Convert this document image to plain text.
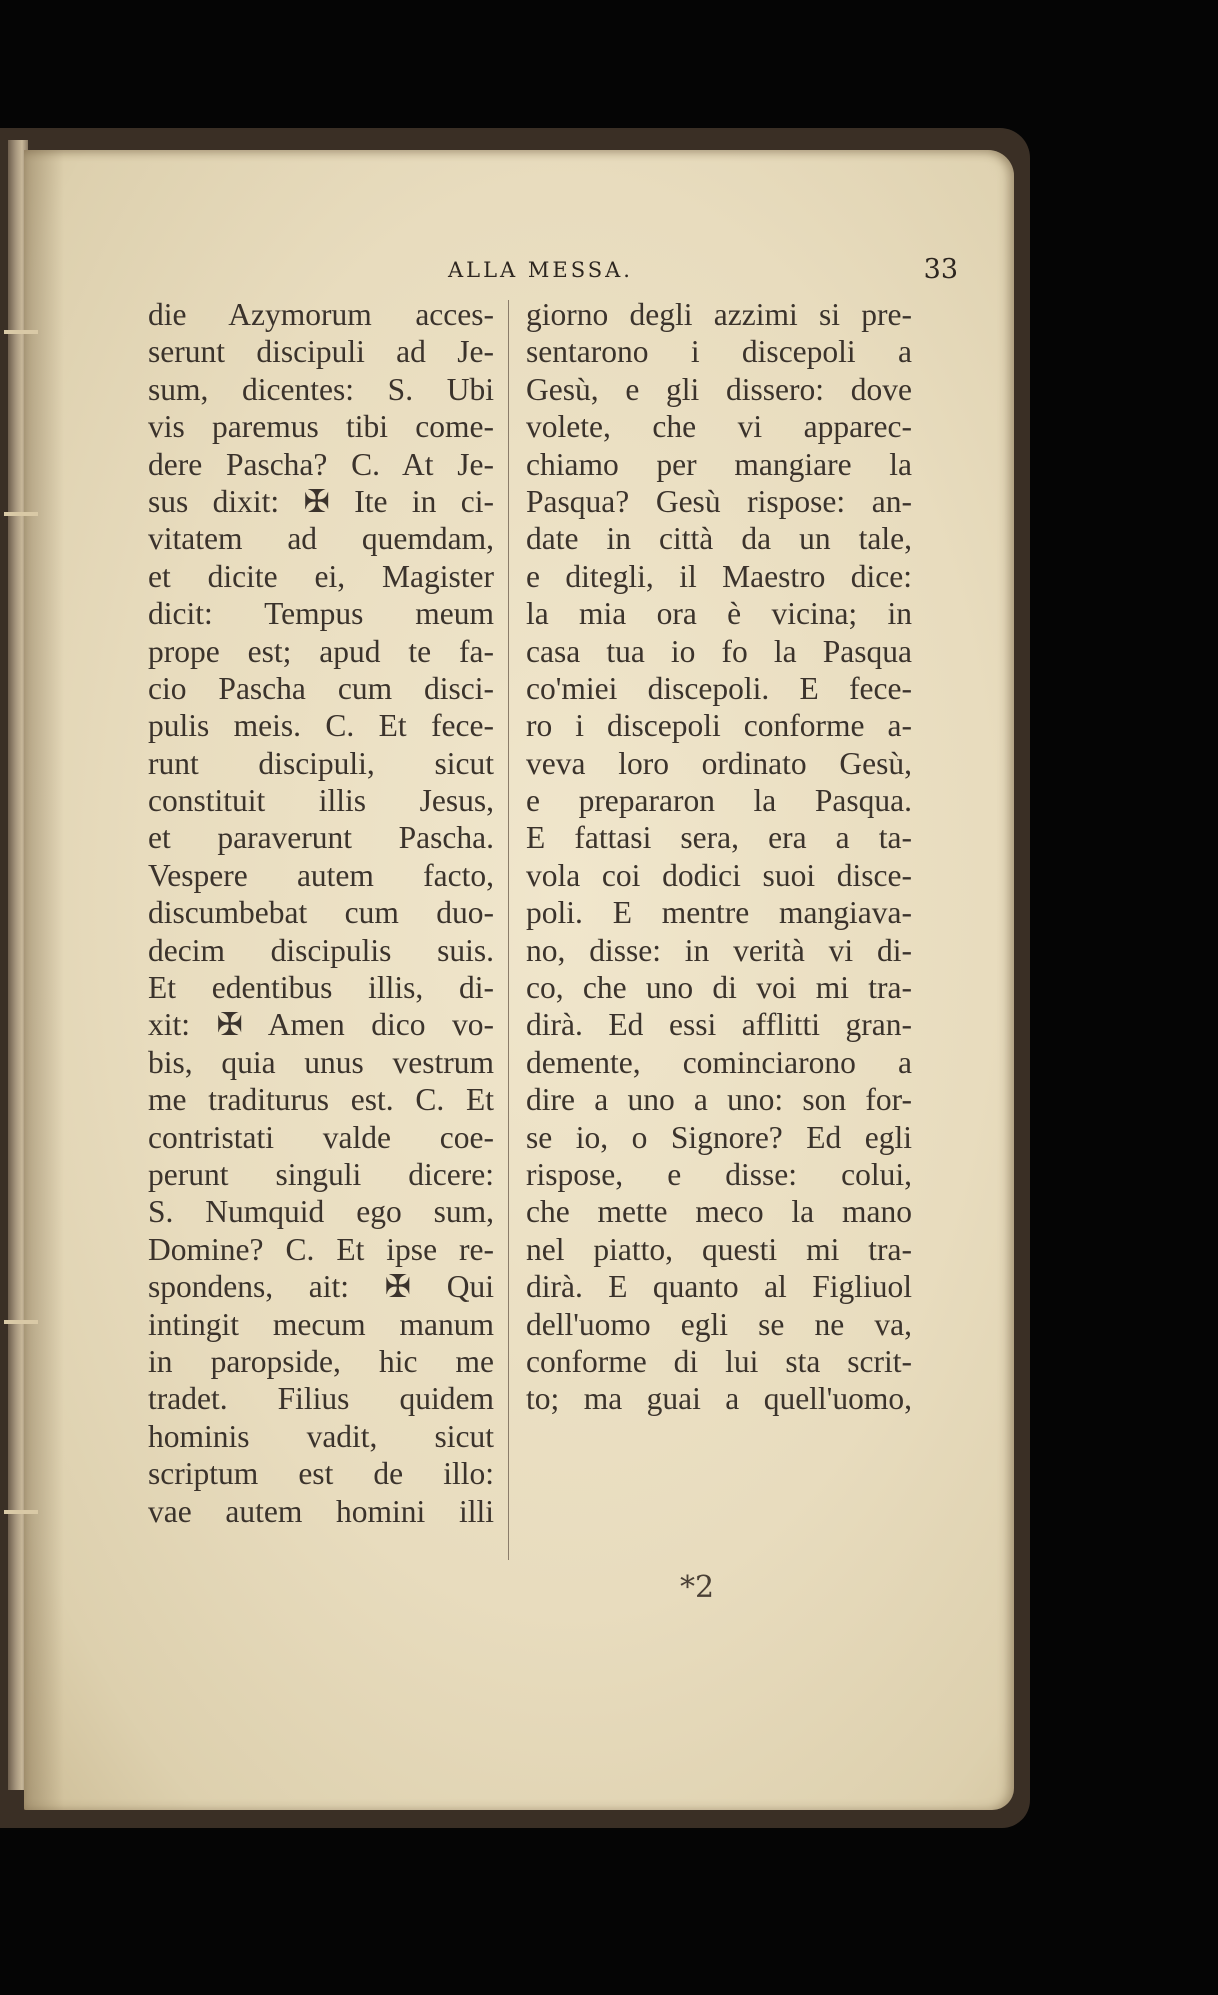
ALLA MESSA.	33
die Azymorum acces-
serunt discipuli ad Je-
sum, dicentes: S. Ubi
vis paremus tibi come-
dere Pascha? C. At Je-
sus dixit: ✠ Ite in ci-
vitatem ad quemdam,
et dicite ei, Magister
dicit: Tempus meum
prope est; apud te fa-
cio Pascha cum disci-
pulis meis. C. Et fece-
runt discipuli, sicut
constituit illis Jesus,
et paraverunt Pascha.
Vespere autem facto,
discumbebat cum duo-
decim discipulis suis.
Et edentibus illis, di-
xit: ✠ Amen dico vo-
bis, quia unus vestrum
me traditurus est. C. Et
contristati valde coe-
perunt singuli dicere:
S. Numquid ego sum,
Domine? C. Et ipse re-
spondens, ait: ✠ Qui
intingit mecum manum
in paropside, hic me
tradet. Filius quidem
hominis vadit, sicut
scriptum est de illo:
vae autem homini illi
giorno degli azzimi si pre-
sentarono i discepoli a
Gesù, e gli dissero: dove
volete, che vi apparec-
chiamo per mangiare la
Pasqua? Gesù rispose: an-
date in città da un tale,
e ditegli, il Maestro dice:
la mia ora è vicina; in
casa tua io fo la Pasqua
co'miei discepoli. E fece-
ro i discepoli conforme a-
veva loro ordinato Gesù,
e prepararon la Pasqua.
E fattasi sera, era a ta-
vola coi dodici suoi disce-
poli. E mentre mangiava-
no, disse: in verità vi di-
co, che uno di voi mi tra-
dirà. Ed essi afflitti gran-
demente, cominciarono a
dire a uno a uno: son for-
se io, o Signore? Ed egli
rispose, e disse: colui,
che mette meco la mano
nel piatto, questi mi tra-
dirà. E quanto al Figliuol
dell'uomo egli se ne va,
conforme di lui sta scrit-
to; ma guai a quell'uomo,
*2
